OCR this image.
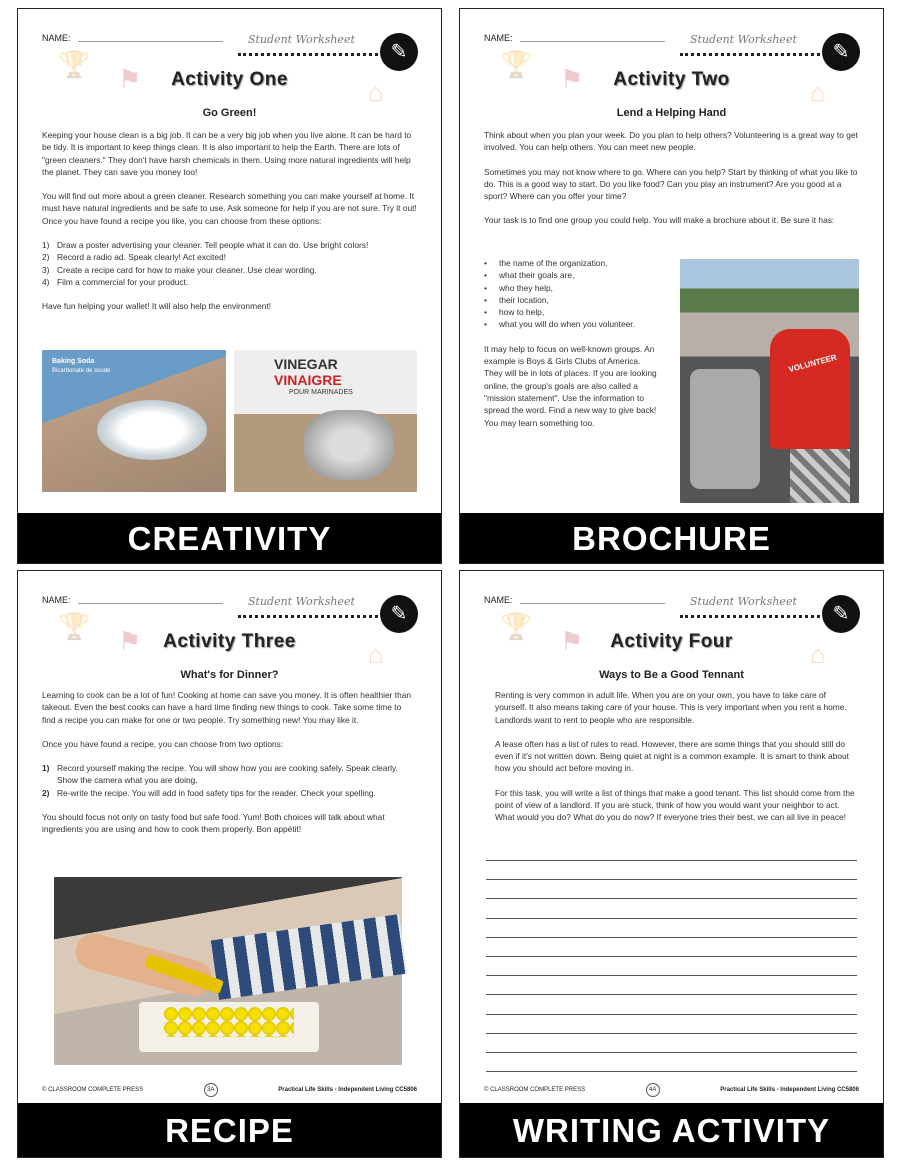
NAME:	Student Worksheet
✎
🏆 ⚑	⌂
Activity One
Go Green!

Keeping your house clean is a big job. It can be a very big job when you live alone. It can be hard to be tidy. It is important to keep things clean. It is also important to help the Earth. There are lots of "green cleaners." They don't have harsh chemicals in them. Using more natural ingredients will help the planet. They can save you money too!

You will find out more about a green cleaner. Research something you can make yourself at home. It must have natural ingredients and be safe to use. Ask someone for help if you are not sure. Try it out! Once you have found a recipe you like, you can choose from these options:

1) Draw a poster advertising your cleaner. Tell people what it can do. Use bright colors!
2) Record a radio ad. Speak clearly! Act excited!
3) Create a recipe card for how to make your cleaner. Use clear wording.
4) Film a commercial for your product.

Have fun helping your wallet! It will also help the environment!

Baking Soda
Bicarbonate de soude	VINEGAR
VINAIGRE
POUR MARINADES
CREATIVITY
NAME:	Student Worksheet
✎
🏆 ⚑	⌂
Activity Two
Lend a Helping Hand

Think about when you plan your week. Do you plan to help others? Volunteering is a great way to get involved. You can help others. You can meet new people.

Sometimes you may not know where to go. Where can you help? Start by thinking of what you like to do. This is a good way to start. Do you like food? Can you play an instrument? Are you good at a sport? Where can you offer your time?

Your task is to find one group you could help. You will make a brochure about it. Be sure it has:

• the name of the organization,
• what their goals are,
• who they help,
• their location,
• how to help,
• what you will do when you volunteer.

It may help to focus on well-known groups. An example is Boys & Girls Clubs of America. They will be in lots of places. If you are looking online, the group's goals are also called a "mission statement". Use the information to spread the word. Find a new way to give back! You may learn something too.

VOLUNTEER
BROCHURE
NAME:	Student Worksheet
✎
🏆 ⚑	⌂
Activity Three
What's for Dinner?

Learning to cook can be a lot of fun! Cooking at home can save you money. It is often healthier than takeout. Even the best cooks can have a hard time finding new things to cook. Take some time to find a recipe you can make for one or two people. Try something new! You may like it.

Once you have found a recipe, you can choose from two options:

1) Record yourself making the recipe. You will show how you are cooking safely. Speak clearly. Show the camera what you are doing.
2) Re-write the recipe. You will add in food safety tips for the reader. Check your spelling.

You should focus not only on tasty food but safe food. Yum! Both choices will talk about what ingredients you are using and how to cook them properly. Bon appétit!

© CLASSROOM COMPLETE PRESS	3A	Practical Life Skills - Independent Living CC5806
RECIPE
NAME:	Student Worksheet
✎
🏆 ⚑	⌂
Activity Four
Ways to Be a Good Tennant

Renting is very common in adult life. When you are on your own, you have to take care of yourself. It also means taking care of your house. This is very important when you rent a home. Landlords want to rent to people who are responsible.

A lease often has a list of rules to read. However, there are some things that you should still do even if it's not written down. Being quiet at night is a common example. It is smart to think about how you should act before moving in.

For this task, you will write a list of things that make a good tenant. This list should come from the point of view of a landlord. If you are stuck, think of how you would want your neighbor to act. What would you do? What do you do now? If everyone tries their best, we can all live in peace!

© CLASSROOM COMPLETE PRESS	4A	Practical Life Skills - Independent Living CC5806
WRITING ACTIVITY
